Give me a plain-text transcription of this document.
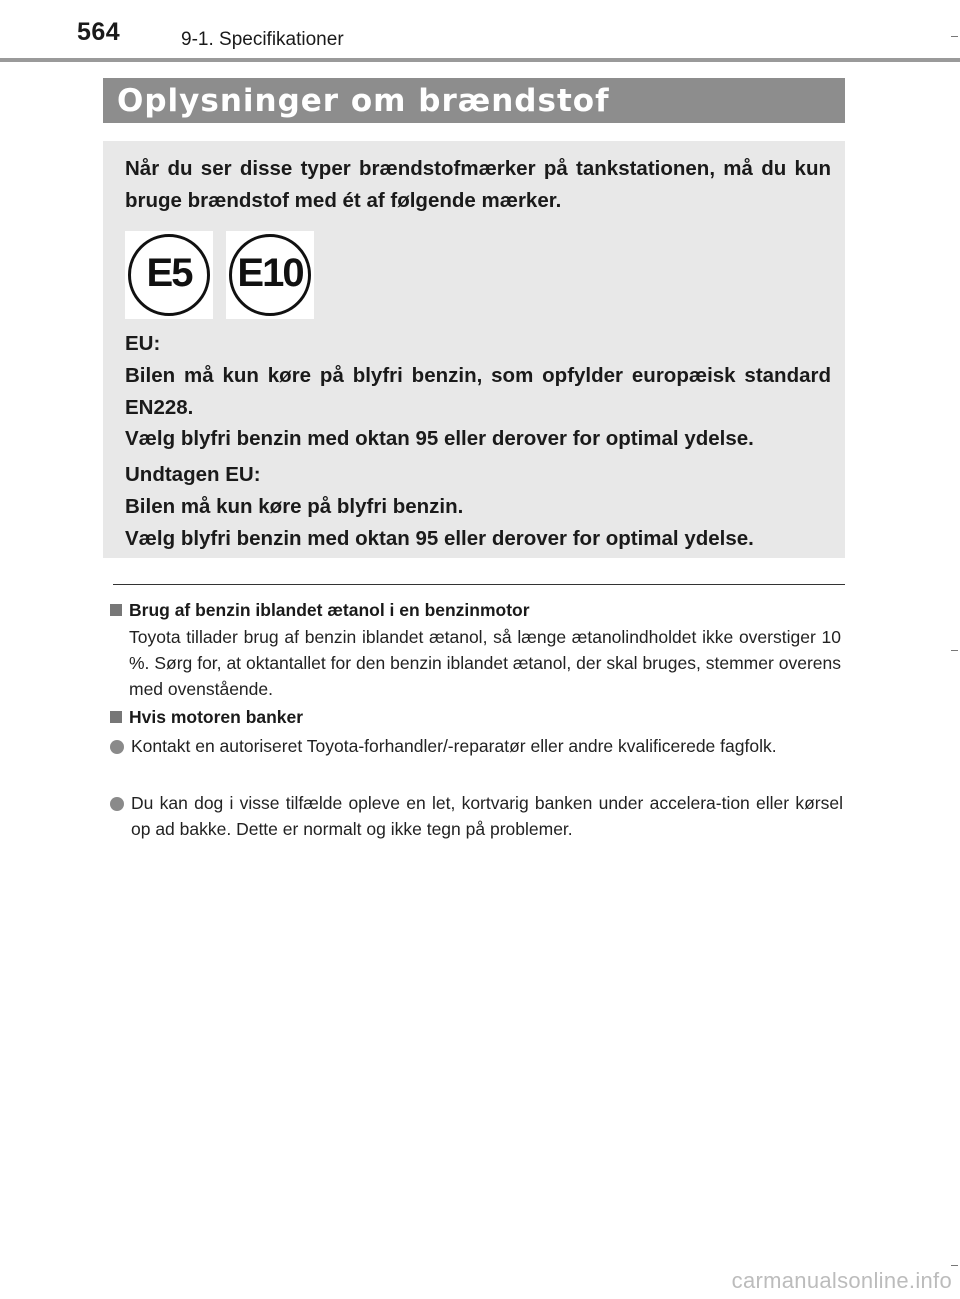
564	9-1. Specifikationer
Oplysninger om brændstof
Når du ser disse typer brændstofmærker på tankstationen, må du kun bruge brændstof med ét af følgende mærker.
E5	E10
EU:
Bilen må kun køre på blyfri benzin, som opfylder europæisk standard EN228.
Vælg blyfri benzin med oktan 95 eller derover for optimal ydelse.
Undtagen EU:
Bilen må kun køre på blyfri benzin.
Vælg blyfri benzin med oktan 95 eller derover for optimal ydelse.
Brug af benzin iblandet ætanol i en benzinmotor
Toyota tillader brug af benzin iblandet ætanol, så længe ætanolindholdet ikke overstiger 10 %. Sørg for, at oktantallet for den benzin iblandet ætanol, der skal bruges, stemmer overens med ovenstående.
Hvis motoren banker
Kontakt en autoriseret Toyota-forhandler/-reparatør eller andre kvalificerede fagfolk.
Du kan dog i visse tilfælde opleve en let, kortvarig banken under accelera-tion eller kørsel op ad bakke. Dette er normalt og ikke tegn på problemer.
carmanualsonline.info
